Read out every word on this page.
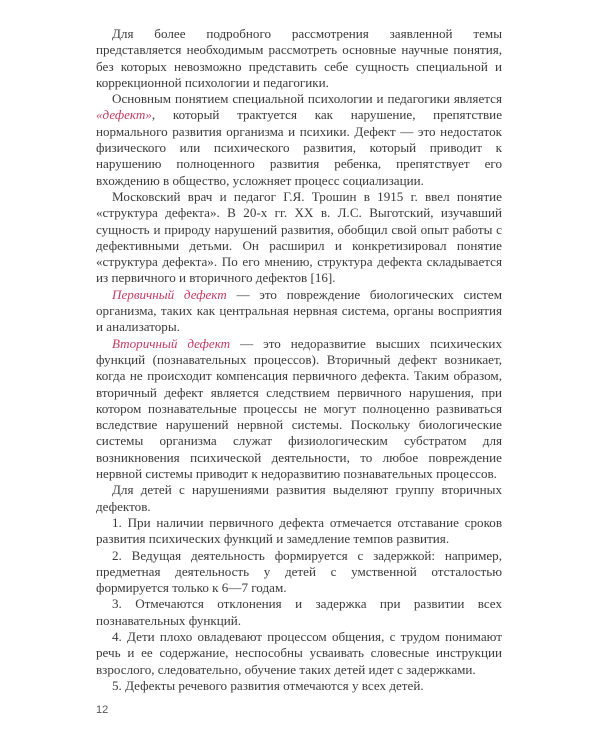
Для более подробного рассмотрения заявленной темы представляется необходимым рассмотреть основные научные понятия, без которых невозможно представить себе сущность специальной и коррекционной психологии и педагогики.

Основным понятием специальной психологии и педагогики является «дефект», который трактуется как нарушение, препятствие нормального развития организма и психики. Дефект — это недостаток физического или психического развития, который приводит к нарушению полноценного развития ребенка, препятствует его вхождению в общество, усложняет процесс социализации.

Московский врач и педагог Г.Я. Трошин в 1915 г. ввел понятие «структура дефекта». В 20-х гг. XX в. Л.С. Выготский, изучавший сущность и природу нарушений развития, обобщил свой опыт работы с дефективными детьми. Он расширил и конкретизировал понятие «структура дефекта». По его мнению, структура дефекта складывается из первичного и вторичного дефектов [16].

Первичный дефект — это повреждение биологических систем организма, таких как центральная нервная система, органы восприятия и анализаторы.

Вторичный дефект — это недоразвитие высших психических функций (познавательных процессов). Вторичный дефект возникает, когда не происходит компенсация первичного дефекта. Таким образом, вторичный дефект является следствием первичного нарушения, при котором познавательные процессы не могут полноценно развиваться вследствие нарушений нервной системы. Поскольку биологические системы организма служат физиологическим субстратом для возникновения психической деятельности, то любое повреждение нервной системы приводит к недоразвитию познавательных процессов.

Для детей с нарушениями развития выделяют группу вторичных дефектов.

1. При наличии первичного дефекта отмечается отставание сроков развития психических функций и замедление темпов развития.

2. Ведущая деятельность формируется с задержкой: например, предметная деятельность у детей с умственной отсталостью формируется только к 6—7 годам.

3. Отмечаются отклонения и задержка при развитии всех познавательных функций.

4. Дети плохо овладевают процессом общения, с трудом понимают речь и ее содержание, неспособны усваивать словесные инструкции взрослого, следовательно, обучение таких детей идет с задержками.

5. Дефекты речевого развития отмечаются у всех детей.

12
